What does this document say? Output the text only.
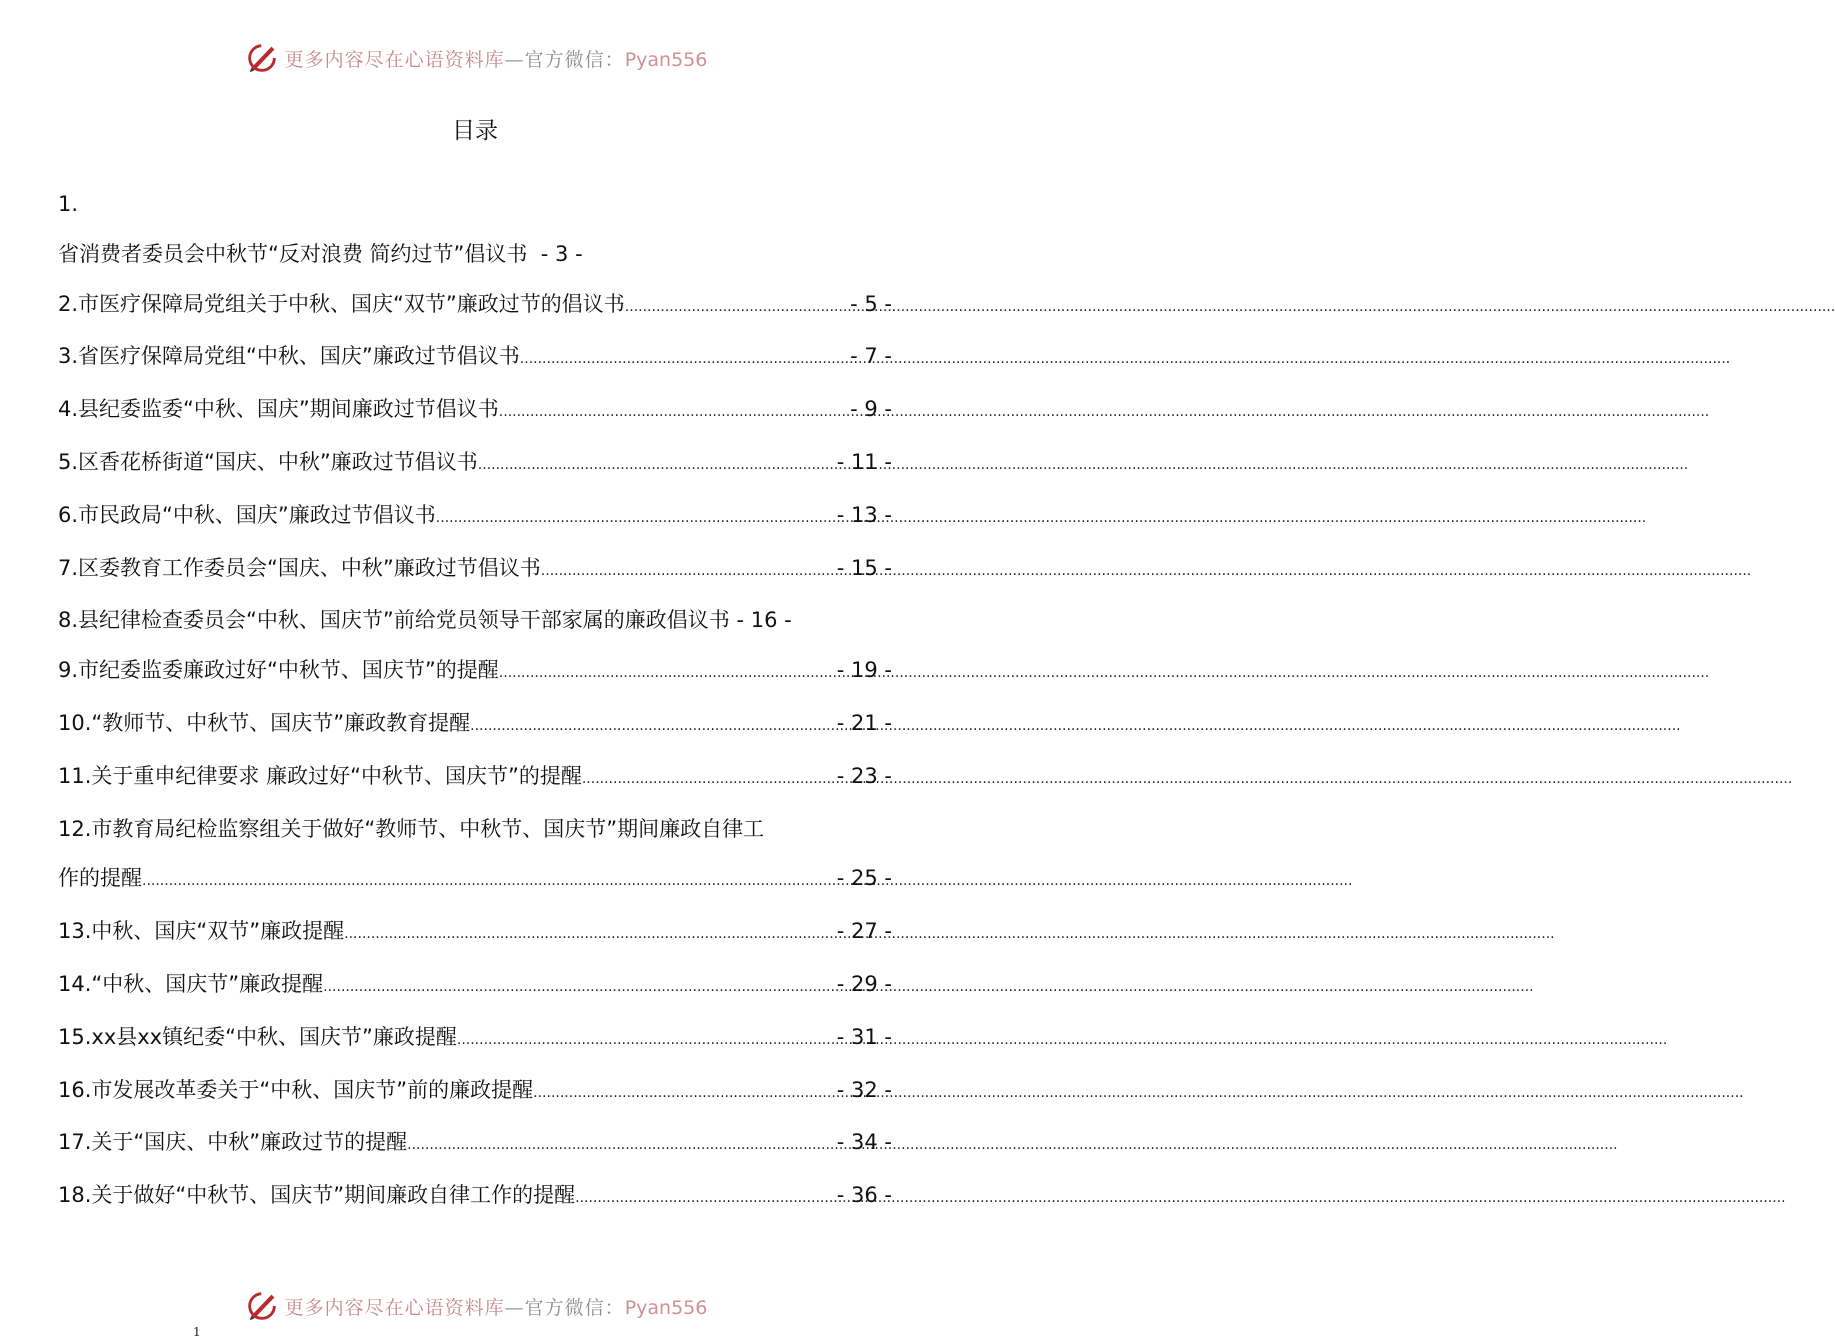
更多内容尽在心语资料库—官方微信：Pyan556
目录
1.
省消费者委员会中秋节“反对浪费 简约过节”倡议书 - 3 -
2.市医疗保障局党组关于中秋、国庆“双节”廉政过节的倡议书 .....	- 5 -
3.省医疗保障局党组“中秋、国庆”廉政过节倡议书 .....	- 7 -
4.县纪委监委“中秋、国庆”期间廉政过节倡议书 .....	- 9 -
5.区香花桥街道“国庆、中秋”廉政过节倡议书 .....	- 11 -
6.市民政局“中秋、国庆”廉政过节倡议书 .....	- 13 -
7.区委教育工作委员会“国庆、中秋”廉政过节倡议书 .....	- 15 -
8.县纪律检查委员会“中秋、国庆节”前给党员领导干部家属的廉政倡议书 - 16 -
9.市纪委监委廉政过好“中秋节、国庆节”的提醒 .....	- 19 -
10.“教师节、中秋节、国庆节”廉政教育提醒 .....	- 21 -
11.关于重申纪律要求 廉政过好“中秋节、国庆节”的提醒 .....	- 23 -
12.市教育局纪检监察组关于做好“教师节、中秋节、国庆节”期间廉政自律工
作的提醒 .....	- 25 -
13.中秋、国庆“双节”廉政提醒 .....	- 27 -
14.“中秋、国庆节”廉政提醒 .....	- 29 -
15.xx县xx镇纪委“中秋、国庆节”廉政提醒 .....	- 31 -
16.市发展改革委关于“中秋、国庆节”前的廉政提醒 .....	- 32 -
17.关于“国庆、中秋”廉政过节的提醒 .....	- 34 -
18.关于做好“中秋节、国庆节”期间廉政自律工作的提醒 .....	- 36 -
更多内容尽在心语资料库—官方微信：Pyan556
1
